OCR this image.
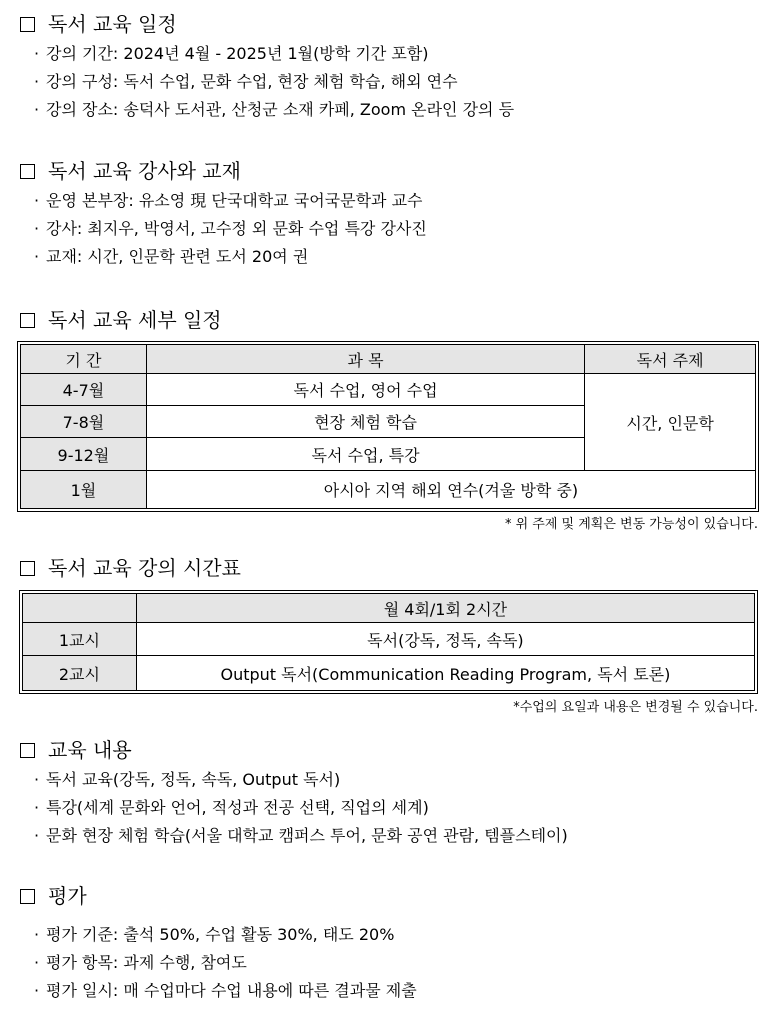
독서 교육 일정
· 강의 기간: 2024년 4월 - 2025년 1월(방학 기간 포함)
· 강의 구성: 독서 수업, 문화 수업, 현장 체험 학습, 해외 연수
· 강의 장소: 송덕사 도서관, 산청군 소재 카페, Zoom 온라인 강의 등
독서 교육 강사와 교재
· 운영 본부장: 유소영 現 단국대학교 국어국문학과 교수
· 강사: 최지우, 박영서, 고수정 외 문화 수업 특강 강사진
· 교재: 시간, 인문학 관련 도서 20여 권
독서 교육 세부 일정
기 간	과 목	독서 주제
4-7월	독서 수업, 영어 수업	시간, 인문학
7-8월	현장 체험 학습	
9-12월	독서 수업, 특강	
1월	아시아 지역 해외 연수(겨울 방학 중)	
* 위 주제 및 계획은 변동 가능성이 있습니다.
독서 교육 강의 시간표
	월 4회/1회 2시간
1교시	독서(강독, 정독, 속독)
2교시	Output 독서(Communication Reading Program, 독서 토론)
*수업의 요일과 내용은 변경될 수 있습니다.
교육 내용
· 독서 교육(강독, 정독, 속독, Output 독서)
· 특강(세계 문화와 언어, 적성과 전공 선택, 직업의 세계)
· 문화 현장 체험 학습(서울 대학교 캠퍼스 투어, 문화 공연 관람, 템플스테이)
평가
· 평가 기준: 출석 50%, 수업 활동 30%, 태도 20%
· 평가 항목: 과제 수행, 참여도
· 평가 일시: 매 수업마다 수업 내용에 따른 결과물 제출
